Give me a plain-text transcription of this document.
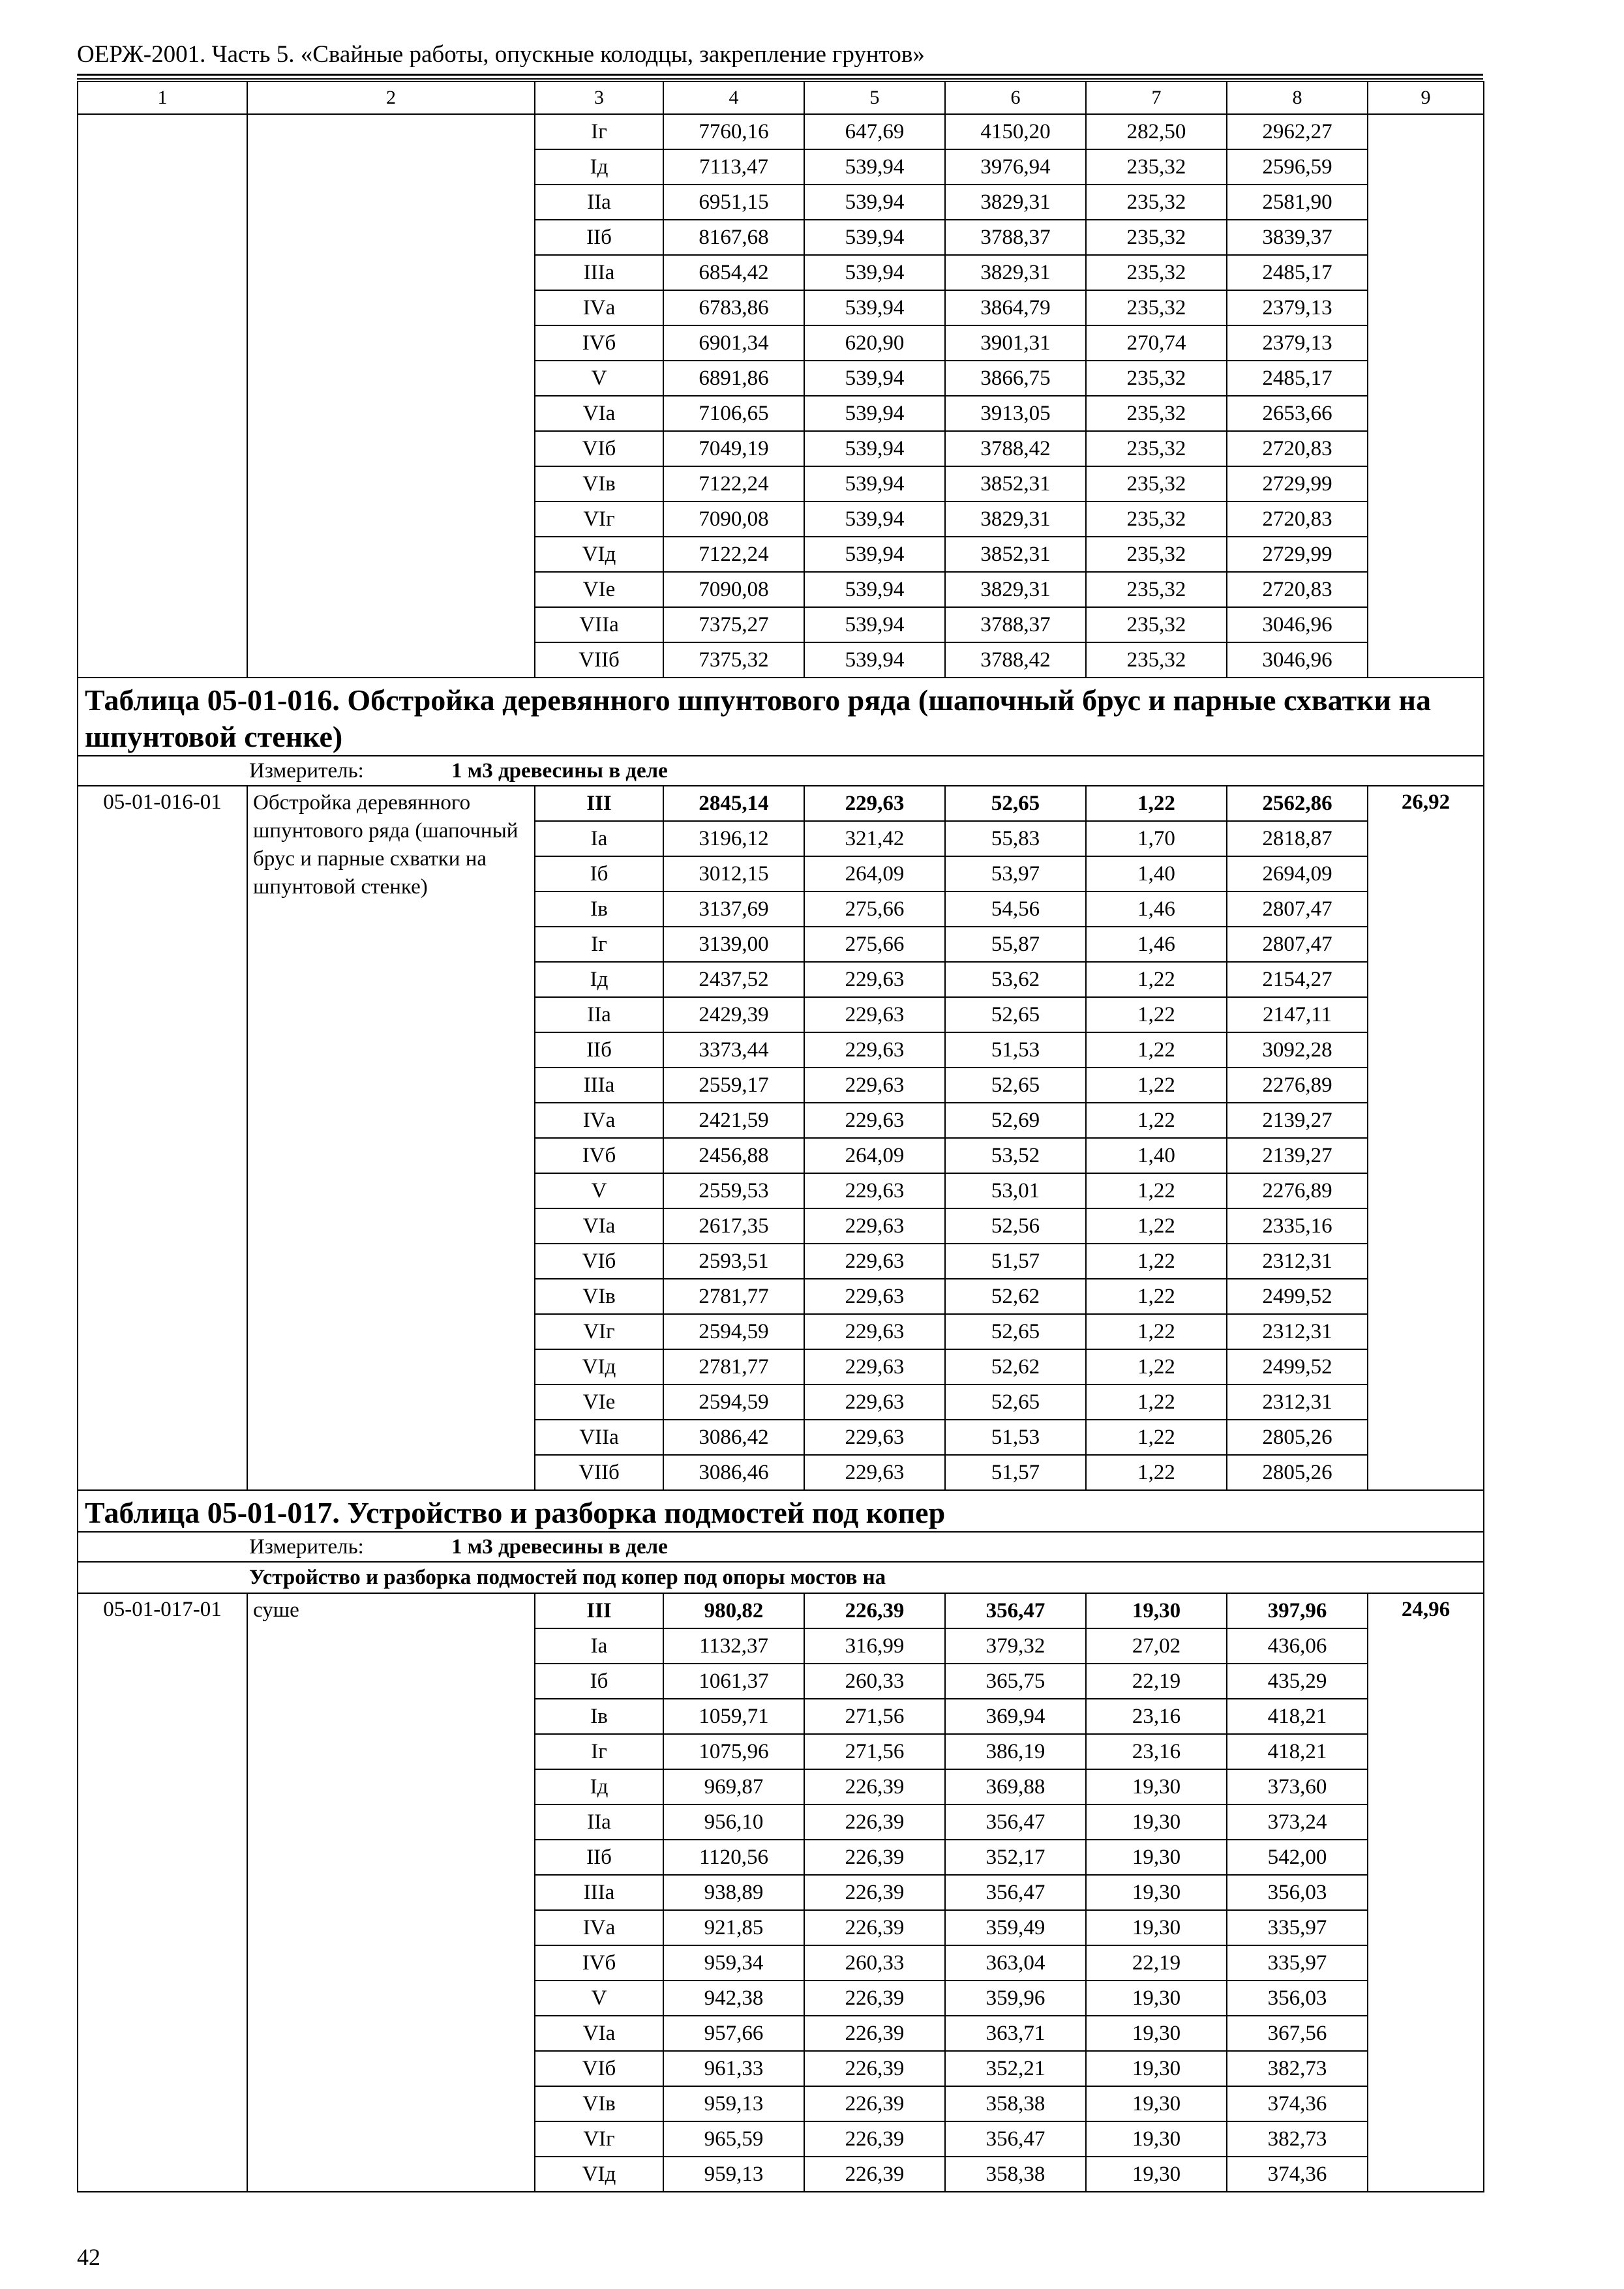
ОЕРЖ-2001. Часть 5. «Свайные работы, опускные колодцы, закрепление грунтов»
1	2	3	4	5	6	7	8	9
		Iг	7760,16	647,69	4150,20	282,50	2962,27	
		Iд	7113,47	539,94	3976,94	235,32	2596,59	
		IIа	6951,15	539,94	3829,31	235,32	2581,90	
		IIб	8167,68	539,94	3788,37	235,32	3839,37	
		IIIа	6854,42	539,94	3829,31	235,32	2485,17	
		IVа	6783,86	539,94	3864,79	235,32	2379,13	
		IVб	6901,34	620,90	3901,31	270,74	2379,13	
		V	6891,86	539,94	3866,75	235,32	2485,17	
		VIа	7106,65	539,94	3913,05	235,32	2653,66	
		VIб	7049,19	539,94	3788,42	235,32	2720,83	
		VIв	7122,24	539,94	3852,31	235,32	2729,99	
		VIг	7090,08	539,94	3829,31	235,32	2720,83	
		VIд	7122,24	539,94	3852,31	235,32	2729,99	
		VIе	7090,08	539,94	3829,31	235,32	2720,83	
		VIIа	7375,27	539,94	3788,37	235,32	3046,96	
		VIIб	7375,32	539,94	3788,42	235,32	3046,96	
Таблица 05-01-016. Обстройка деревянного шпунтового ряда (шапочный брус и парные схватки на шпунтовой стенке)								
Измеритель: 1 м3 древесины в деле								
05-01-016-01	Обстройка деревянного шпунтового ряда (шапочный брус и парные схватки на шпунтовой стенке)	III	2845,14	229,63	52,65	1,22	2562,86	26,92
		Iа	3196,12	321,42	55,83	1,70	2818,87	
		Iб	3012,15	264,09	53,97	1,40	2694,09	
		Iв	3137,69	275,66	54,56	1,46	2807,47	
		Iг	3139,00	275,66	55,87	1,46	2807,47	
		Iд	2437,52	229,63	53,62	1,22	2154,27	
		IIа	2429,39	229,63	52,65	1,22	2147,11	
		IIб	3373,44	229,63	51,53	1,22	3092,28	
		IIIа	2559,17	229,63	52,65	1,22	2276,89	
		IVа	2421,59	229,63	52,69	1,22	2139,27	
		IVб	2456,88	264,09	53,52	1,40	2139,27	
		V	2559,53	229,63	53,01	1,22	2276,89	
		VIа	2617,35	229,63	52,56	1,22	2335,16	
		VIб	2593,51	229,63	51,57	1,22	2312,31	
		VIв	2781,77	229,63	52,62	1,22	2499,52	
		VIг	2594,59	229,63	52,65	1,22	2312,31	
		VIд	2781,77	229,63	52,62	1,22	2499,52	
		VIе	2594,59	229,63	52,65	1,22	2312,31	
		VIIа	3086,42	229,63	51,53	1,22	2805,26	
		VIIб	3086,46	229,63	51,57	1,22	2805,26	
Таблица 05-01-017. Устройство и разборка подмостей под копер								
Измеритель: 1 м3 древесины в деле								
Устройство и разборка подмостей под копер под опоры мостов на								
05-01-017-01	суше	III	980,82	226,39	356,47	19,30	397,96	24,96
		Iа	1132,37	316,99	379,32	27,02	436,06	
		Iб	1061,37	260,33	365,75	22,19	435,29	
		Iв	1059,71	271,56	369,94	23,16	418,21	
		Iг	1075,96	271,56	386,19	23,16	418,21	
		Iд	969,87	226,39	369,88	19,30	373,60	
		IIа	956,10	226,39	356,47	19,30	373,24	
		IIб	1120,56	226,39	352,17	19,30	542,00	
		IIIа	938,89	226,39	356,47	19,30	356,03	
		IVа	921,85	226,39	359,49	19,30	335,97	
		IVб	959,34	260,33	363,04	22,19	335,97	
		V	942,38	226,39	359,96	19,30	356,03	
		VIа	957,66	226,39	363,71	19,30	367,56	
		VIб	961,33	226,39	352,21	19,30	382,73	
		VIв	959,13	226,39	358,38	19,30	374,36	
		VIг	965,59	226,39	356,47	19,30	382,73	
		VIд	959,13	226,39	358,38	19,30	374,36	
42
